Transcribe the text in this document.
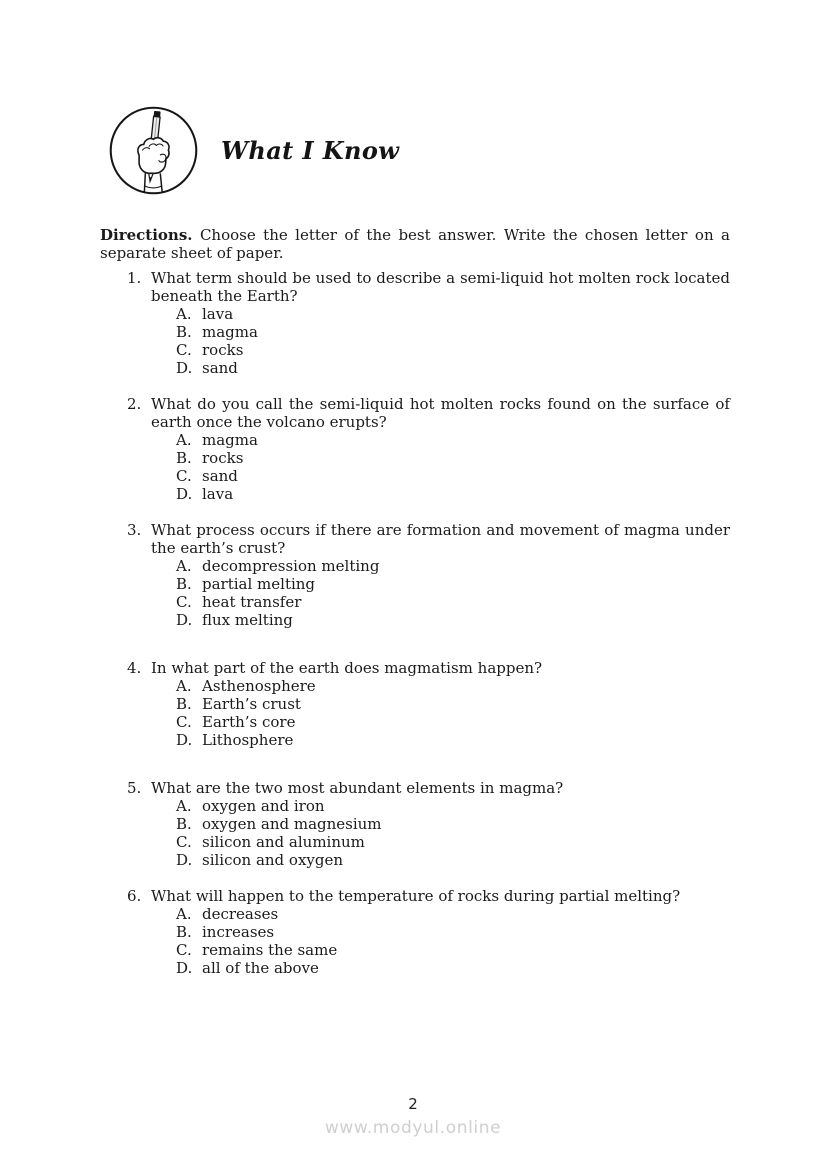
What I Know

Directions. Choose the letter of the best answer. Write the chosen letter on a separate sheet of paper.

1. What term should be used to describe a semi-liquid hot molten rock located beneath the Earth?
A. lava
B. magma
C. rocks
D. sand
2. What do you call the semi-liquid hot molten rocks found on the surface of earth once the volcano erupts?
A. magma
B. rocks
C. sand
D. lava
3. What process occurs if there are formation and movement of magma under the earth’s crust?
A. decompression melting
B. partial melting
C. heat transfer
D. flux melting
4. In what part of the earth does magmatism happen?
A. Asthenosphere
B. Earth’s crust
C. Earth’s core
D. Lithosphere
5. What are the two most abundant elements in magma?
A. oxygen and iron
B. oxygen and magnesium
C. silicon and aluminum
D. silicon and oxygen
6. What will happen to the temperature of rocks during partial melting?
A. decreases
B. increases
C. remains the same
D. all of the above
2
www.modyul.online
